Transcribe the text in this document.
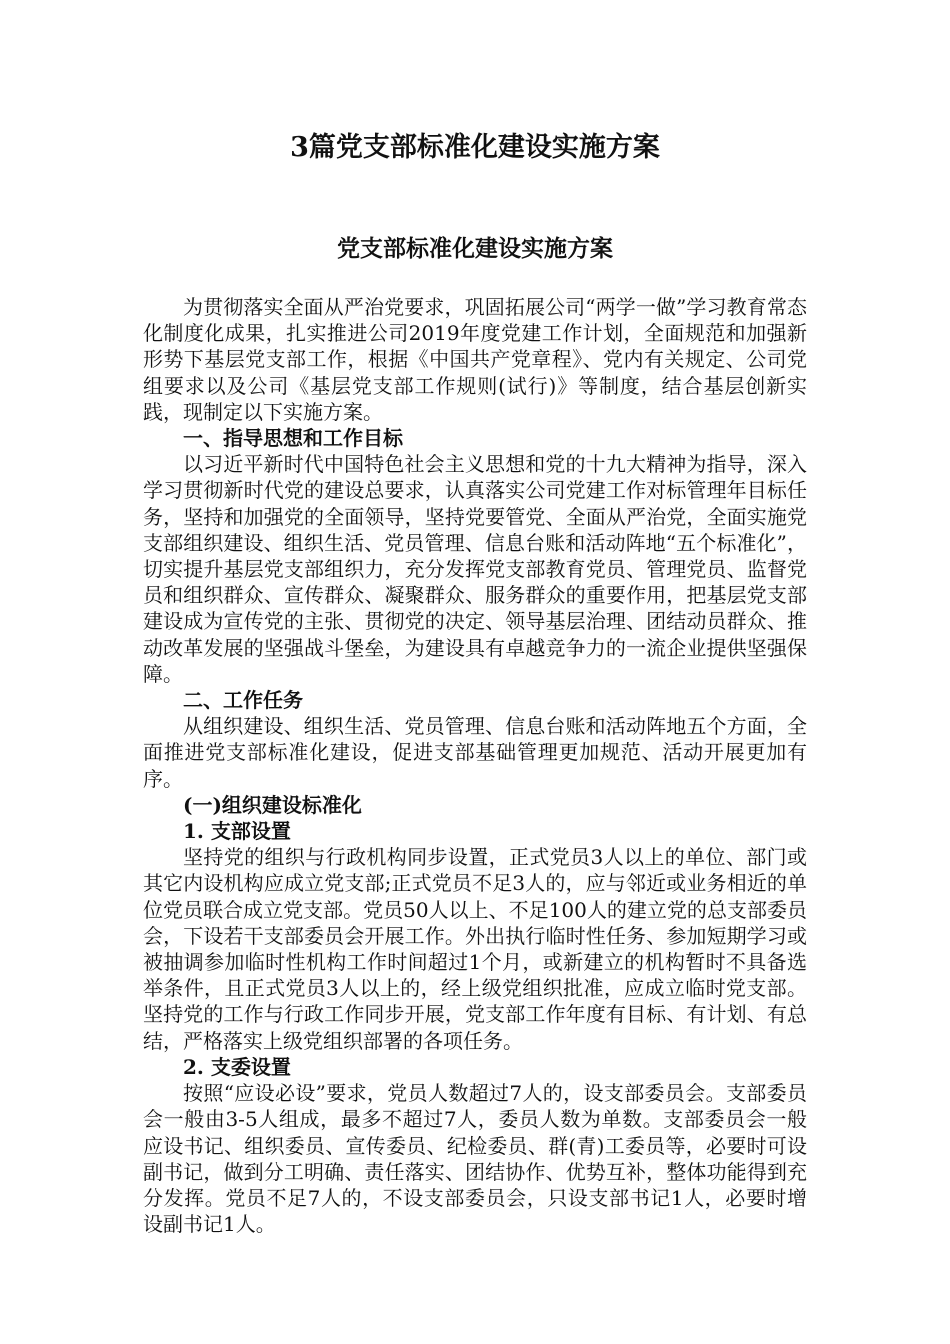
3篇党支部标准化建设实施方案
党支部标准化建设实施方案

为贯彻落实全面从严治党要求，巩固拓展公司“两学一做”学习教育常态化制度化成果，扎实推进公司2019年度党建工作计划，全面规范和加强新形势下基层党支部工作，根据《中国共产党章程》、党内有关规定、公司党组要求以及公司《基层党支部工作规则(试行)》等制度，结合基层创新实践，现制定以下实施方案。

一、指导思想和工作目标

以习近平新时代中国特色社会主义思想和党的十九大精神为指导，深入学习贯彻新时代党的建设总要求，认真落实公司党建工作对标管理年目标任务，坚持和加强党的全面领导，坚持党要管党、全面从严治党，全面实施党支部组织建设、组织生活、党员管理、信息台账和活动阵地“五个标准化”，切实提升基层党支部组织力，充分发挥党支部教育党员、管理党员、监督党员和组织群众、宣传群众、凝聚群众、服务群众的重要作用，把基层党支部建设成为宣传党的主张、贯彻党的决定、领导基层治理、团结动员群众、推动改革发展的坚强战斗堡垒，为建设具有卓越竞争力的一流企业提供坚强保障。

二、工作任务

从组织建设、组织生活、党员管理、信息台账和活动阵地五个方面，全面推进党支部标准化建设，促进支部基础管理更加规范、活动开展更加有序。

(一)组织建设标准化

1. 支部设置

坚持党的组织与行政机构同步设置，正式党员3人以上的单位、部门或其它内设机构应成立党支部;正式党员不足3人的，应与邻近或业务相近的单位党员联合成立党支部。党员50人以上、不足100人的建立党的总支部委员会，下设若干支部委员会开展工作。外出执行临时性任务、参加短期学习或被抽调参加临时性机构工作时间超过1个月，或新建立的机构暂时不具备选举条件，且正式党员3人以上的，经上级党组织批准，应成立临时党支部。坚持党的工作与行政工作同步开展，党支部工作年度有目标、有计划、有总结，严格落实上级党组织部署的各项任务。

2. 支委设置

按照“应设必设”要求，党员人数超过7人的，设支部委员会。支部委员会一般由3-5人组成，最多不超过7人，委员人数为单数。支部委员会一般应设书记、组织委员、宣传委员、纪检委员、群(青)工委员等，必要时可设副书记，做到分工明确、责任落实、团结协作、优势互补，整体功能得到充分发挥。党员不足7人的，不设支部委员会，只设支部书记1人，必要时增设副书记1人。
